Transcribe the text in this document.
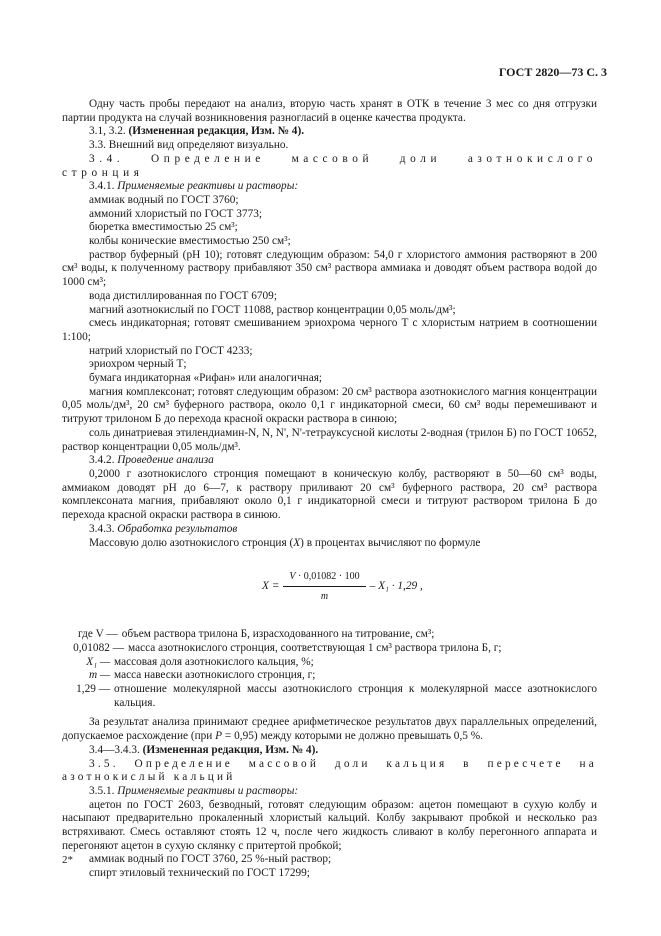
ГОСТ 2820—73 С. 3

Одну часть пробы передают на анализ, вторую часть хранят в ОТК в течение 3 мес со дня отгрузки партии продукта на случай возникновения разногласий в оценке качества продукта.

3.1, 3.2. (Измененная редакция, Изм. № 4).

3.3. Внешний вид определяют визуально.

3.4. Определение массовой доли азотнокислого стронция

3.4.1. Применяемые реактивы и растворы:

аммиак водный по ГОСТ 3760;

аммоний хлористый по ГОСТ 3773;

бюретка вместимостью 25 см³;

колбы конические вместимостью 250 см³;

раствор буферный (рН 10); готовят следующим образом: 54,0 г хлористого аммония растворяют в 200 см³ воды, к полученному раствору прибавляют 350 см³ раствора аммиака и доводят объем раствора водой до 1000 см³;

вода дистиллированная по ГОСТ 6709;

магний азотнокислый по ГОСТ 11088, раствор концентрации 0,05 моль/дм³;

смесь индикаторная; готовят смешиванием эриохрома черного Т с хлористым натрием в соотношении 1:100;

натрий хлористый по ГОСТ 4233;

эриохром черный Т;

бумага индикаторная «Рифан» или аналогичная;

магния комплексонат; готовят следующим образом: 20 см³ раствора азотнокислого магния концентрации 0,05 моль/дм³, 20 см³ буферного раствора, около 0,1 г индикаторной смеси, 60 см³ воды перемешивают и титруют трилоном Б до перехода красной окраски раствора в синюю;

соль динатриевая этилендиамин-N, N, N', N'-тетрауксусной кислоты 2-водная (трилон Б) по ГОСТ 10652, раствор концентрации 0,05 моль/дм³.

3.4.2. Проведение анализа

0,2000 г азотнокислого стронция помещают в коническую колбу, растворяют в 50—60 см³ воды, аммиаком доводят рН до 6—7, к раствору приливают 20 см³ буферного раствора, 20 см³ раствора комплексоната магния, прибавляют около 0,1 г индикаторной смеси и титруют раствором трилона Б до перехода красной окраски раствора в синюю.

3.4.3. Обработка результатов

Массовую долю азотнокислого стронция (X) в процентах вычисляют по формуле

$X = \frac{V \cdot 0,01082 \cdot 100}{m} - X_1 \cdot 1,29$ ,
где V — объем раствора трилона Б, израсходованного на титрование, см³;
0,01082 — масса азотнокислого стронция, соответствующая 1 см³ раствора трилона Б, г;
X₁ — массовая доля азотнокислого кальция, %;
m — масса навески азотнокислого стронция, г;
1,29 — отношение молекулярной массы азотнокислого стронция к молекулярной массе азотнокислого кальция.

За результат анализа принимают среднее арифметическое результатов двух параллельных определений, допускаемое расхождение (при P = 0,95) между которыми не должно превышать 0,5 %.

3.4—3.4.3. (Измененная редакция, Изм. № 4).

3.5. Определение массовой доли кальция в пересчете на азотнокислый кальций

3.5.1. Применяемые реактивы и растворы:

ацетон по ГОСТ 2603, безводный, готовят следующим образом: ацетон помещают в сухую колбу и насыпают предварительно прокаленный хлористый кальций. Колбу закрывают пробкой и несколько раз встряхивают. Смесь оставляют стоять 12 ч, после чего жидкость сливают в колбу перегонного аппарата и перегоняют ацетон в сухую склянку с притертой пробкой;

аммиак водный по ГОСТ 3760, 25 %-ный раствор;

спирт этиловый технический по ГОСТ 17299;

2*
